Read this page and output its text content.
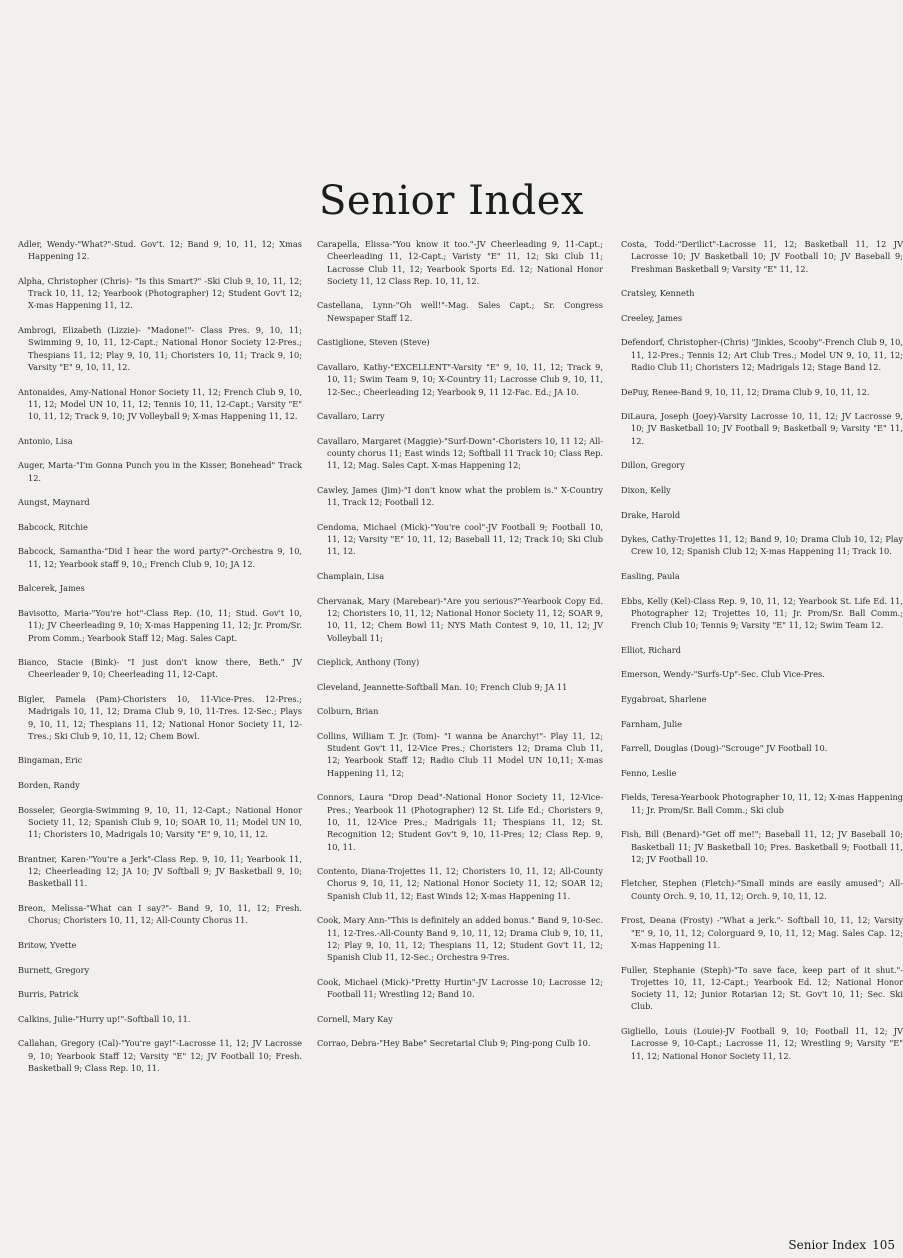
Senior Index

Adler, Wendy-"What?"-Stud. Gov't. 12; Band 9, 10, 11, 12; Xmas Happening 12.

Alpha, Christopher (Chris)- "Is this Smart?" -Ski Club 9, 10, 11, 12; Track 10, 11, 12; Yearbook (Photographer) 12; Student Gov't 12; X-mas Happening 11, 12.

Ambrogi, Elizabeth (Lizzie)- "Madone!"- Class Pres. 9, 10, 11; Swimming 9, 10, 11, 12-Capt.; National Honor Society 12-Pres.; Thespians 11, 12; Play 9, 10, 11; Choristers 10, 11; Track 9, 10; Varsity "E" 9, 10, 11, 12.

Antonaides, Amy-National Honor Society 11, 12; French Club 9, 10, 11, 12; Model UN 10, 11, 12; Tennis 10, 11, 12-Capt.; Varsity "E" 10, 11, 12; Track 9, 10; JV Volleyball 9; X-mas Happening 11, 12.

Antonio, Lisa

Auger, Marta-"I'm Gonna Punch you in the Kisser, Bonehead" Track 12.

Aungst, Maynard

Babcock, Ritchie

Babcock, Samantha-"Did I hear the word party?"-Orchestra 9, 10, 11, 12; Yearbook staff 9, 10,; French Club 9, 10; JA 12.

Balcerek, James

Bavisotto, Maria-"You're hot"-Class Rep. (10, 11; Stud. Gov't 10, 11); JV Cheerleading 9, 10; X-mas Happening 11, 12; Jr. Prom/Sr. Prom Comm.; Yearbook Staff 12; Mag. Sales Capt.

Bianco, Stacie (Bink)- "I just don't know there, Beth." JV Cheerleader 9, 10; Cheerleading 11, 12-Capt.

Bigler, Pamela (Pam)-Choristers 10, 11-Vice-Pres. 12-Pres.; Madrigals 10, 11, 12; Drama Club 9, 10, 11-Tres. 12-Sec.; Plays 9, 10, 11, 12; Thespians 11, 12; National Honor Society 11, 12-Tres.; Ski Club 9, 10, 11, 12; Chem Bowl.

Bingaman, Eric

Borden, Randy

Bosseler, Georgia-Swimming 9, 10, 11, 12-Capt.; National Honor Society 11, 12; Spanish Club 9, 10; SOAR 10, 11; Model UN 10, 11; Choristers 10, Madrigals 10; Varsity "E" 9, 10, 11, 12.

Brantner, Karen-"You're a Jerk"-Class Rep. 9, 10, 11; Yearbook 11, 12; Cheerleading 12; JA 10; JV Softball 9; JV Basketball 9, 10; Basketball 11.

Breon, Melissa-"What can I say?"- Band 9, 10, 11, 12; Fresh. Chorus; Choristers 10, 11, 12; All-County Chorus 11.

Britow, Yvette

Burnett, Gregory

Burris, Patrick

Calkins, Julie-"Hurry up!"-Softball 10, 11.

Callahan, Gregory (Cal)-"You're gay!"-Lacrosse 11, 12; JV Lacrosse 9, 10; Yearbook Staff 12; Varsity "E" 12; JV Football 10; Fresh. Basketball 9; Class Rep. 10, 11.

Carapella, Elissa-"You know it too."-JV Cheerleading 9, 11-Capt.; Cheerleading 11, 12-Capt.; Varisty "E" 11, 12; Ski Club 11; Lacrosse Club 11, 12; Yearbook Sports Ed. 12; National Honor Society 11, 12 Class Rep. 10, 11, 12.

Castellana, Lynn-"Oh well!"-Mag. Sales Capt.; Sr. Congress Newspaper Staff 12.

Castiglione, Steven (Steve)

Cavallaro, Kathy-"EXCELLENT"-Varsity "E" 9, 10, 11, 12; Track 9, 10, 11; Swim Team 9, 10; X-Country 11; Lacrosse Club 9, 10, 11, 12-Sec.; Cheerleading 12; Yearbook 9, 11 12-Fac. Ed.; JA 10.

Cavallaro, Larry

Cavallaro, Margaret (Maggie)-"Surf-Down"-Choristers 10, 11 12; All-county chorus 11; East winds 12; Softball 11 Track 10; Class Rep. 11, 12; Mag. Sales Capt. X-mas Happening 12;

Cawley, James (Jim)-"I don't know what the problem is." X-Country 11, Track 12; Football 12.

Cendoma, Michael (Mick)-"You're cool"-JV Football 9; Football 10, 11, 12; Varsity "E" 10, 11, 12; Baseball 11, 12; Track 10; Ski Club 11, 12.

Champlain, Lisa

Chervanak, Mary (Marebear)-"Are you serious?"-Yearbook Copy Ed. 12; Choristers 10, 11, 12; National Honor Society 11, 12; SOAR 9, 10, 11, 12; Chem Bowl 11; NYS Math Contest 9, 10, 11, 12; JV Volleyball 11;

Cieplick, Anthony (Tony)

Cleveland, Jeannette-Softball Man. 10; French Club 9; JA 11

Colburn, Brian

Collins, William T. Jr. (Tom)- "I wanna be Anarchy!"- Play 11, 12; Student Gov't 11, 12-Vice Pres.; Choristers 12; Drama Club 11, 12; Yearbook Staff 12; Radio Club 11 Model UN 10,11; X-mas Happening 11, 12;

Connors, Laura "Drop Dead"-National Honor Society 11, 12-Vice-Pres.; Yearbook 11 (Photographer) 12 St. Life Ed.; Choristers 9, 10, 11, 12-Vice Pres.; Madrigals 11; Thespians 11, 12; St. Recognition 12; Student Gov't 9, 10, 11-Pres; 12; Class Rep. 9, 10, 11.

Contento, Diana-Trojettes 11, 12; Choristers 10, 11, 12; All-County Chorus 9, 10, 11, 12; National Honor Society 11, 12; SOAR 12; Spanish Club 11, 12; East Winds 12; X-mas Happening 11.

Cook, Mary Ann-"This is definitely an added bonus." Band 9, 10-Sec. 11, 12-Tres.-All-County Band 9, 10, 11, 12; Drama Club 9, 10, 11, 12; Play 9, 10, 11, 12; Thespians 11, 12; Student Gov't 11, 12; Spanish Club 11, 12-Sec.; Orchestra 9-Tres.

Cook, Michael (Mick)-"Pretty Hurtin"-JV Lacrosse 10; Lacrosse 12; Football 11; Wrestling 12; Band 10.

Cornell, Mary Kay

Corrao, Debra-"Hey Babe" Secretarial Club 9; Ping-pong Culb 10.

Costa, Todd-"Derilict"-Lacrosse 11, 12; Basketball 11, 12 JV Lacrosse 10; JV Basketball 10; JV Football 10; JV Baseball 9; Freshman Basketball 9; Varsity "E" 11, 12.

Cratsley, Kenneth

Creeley, James

Defendorf, Christopher-(Chris) "Jinkies, Scooby"-French Club 9, 10, 11, 12-Pres.; Tennis 12; Art Club Tres.; Model UN 9, 10, 11, 12; Radio Club 11; Choristers 12; Madrigals 12; Stage Band 12.

DePuy, Renee-Band 9, 10, 11, 12; Drama Club 9, 10, 11, 12.

DiLaura, Joseph (Joey)-Varsity Lacrosse 10, 11, 12; JV Lacrosse 9, 10; JV Basketball 10; JV Football 9; Basketball 9; Varsity "E" 11, 12.

Dillon, Gregory

Dixon, Kelly

Drake, Harold

Dykes, Cathy-Trojettes 11, 12; Band 9, 10; Drama Club 10, 12; Play Crew 10, 12; Spanish Club 12; X-mas Happening 11; Track 10.

Easling, Paula

Ebbs, Kelly (Kel)-Class Rep. 9, 10, 11, 12; Yearbook St. Life Ed. 11, Photographer 12; Trojettes 10, 11; Jr. Prom/Sr. Ball Comm.; French Club 10; Tennis 9; Varsity "E" 11, 12; Swim Team 12.

Elliot, Richard

Emerson, Wendy-"Surfs-Up"-Sec. Club Vice-Pres.

Eygabroat, Sharlene

Farnham, Julie

Farrell, Douglas (Doug)-"Scrouge" JV Football 10.

Fenno, Leslie

Fields, Teresa-Yearbook Photographer 10, 11, 12; X-mas Happening 11; Jr. Prom/Sr. Ball Comm.; Ski club

Fish, Bill (Benard)-"Get off me!"; Baseball 11, 12; JV Baseball 10; Basketball 11; JV Basketball 10; Pres. Basketball 9; Football 11, 12; JV Football 10.

Fletcher, Stephen (Fletch)-"Small minds are easily amused"; All-County Orch. 9, 10, 11, 12; Orch. 9, 10, 11, 12.

Frost, Deana (Frosty) -"What a jerk."- Softball 10, 11, 12; Varsity "E" 9, 10, 11, 12; Colorguard 9, 10, 11, 12; Mag. Sales Cap. 12; X-mas Happening 11.

Fuller, Stephanie (Steph)-"To save face, keep part of it shut."-Trojettes 10, 11, 12-Capt.; Yearbook Ed. 12; National Honor Society 11, 12; Junior Rotarian 12; St. Gov't 10, 11; Sec. Ski Club.

Gigliello, Louis (Louie)-JV Football 9, 10; Football 11, 12; JV Lacrosse 9, 10-Capt.; Lacrosse 11, 12; Wrestling 9; Varsity "E" 11, 12; National Honor Society 11, 12.

Senior Index 105
